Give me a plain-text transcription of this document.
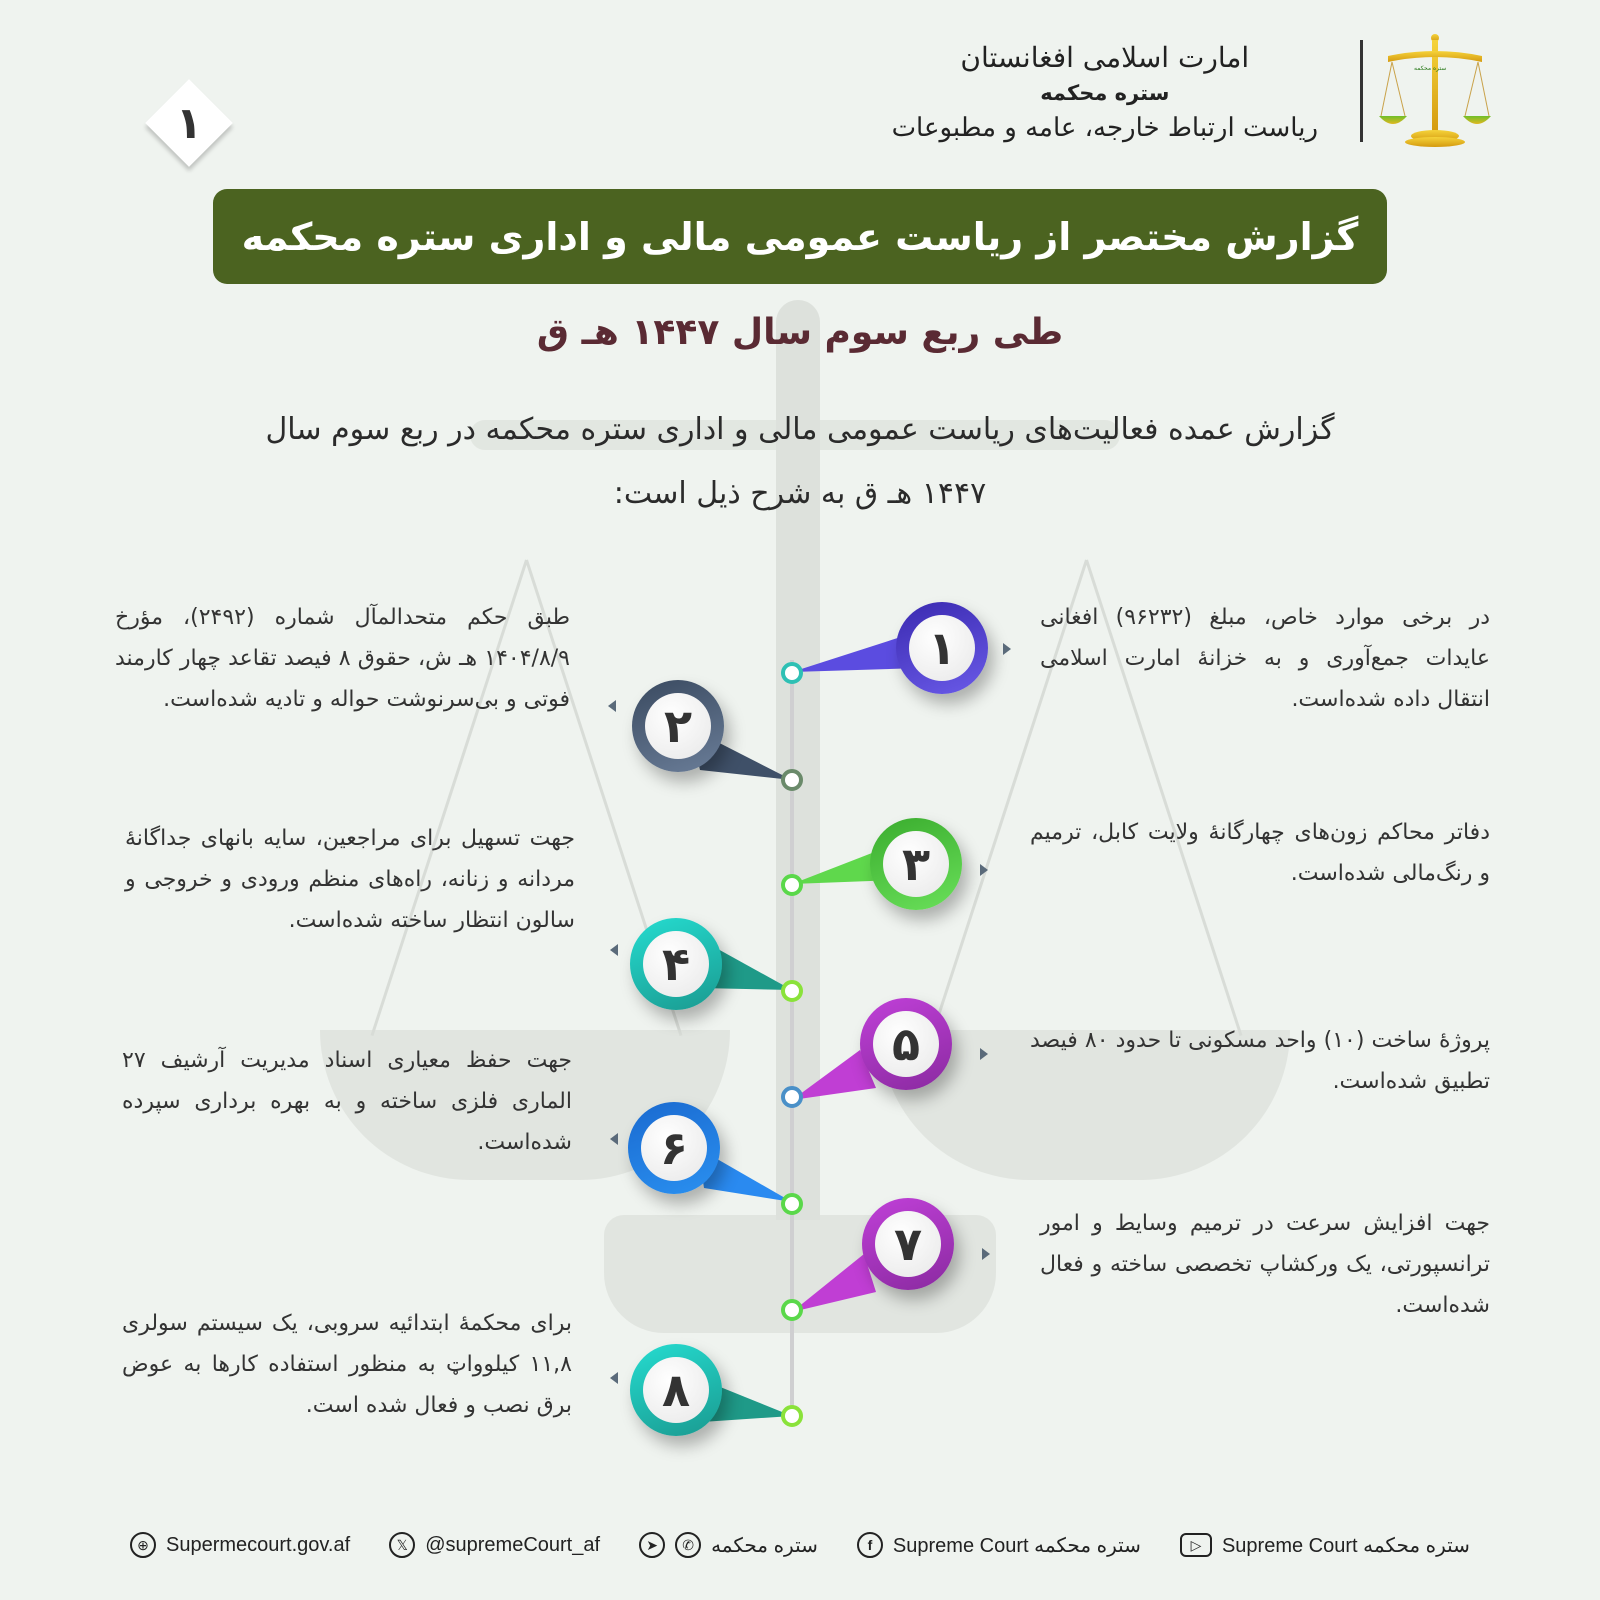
۱
امارت اسلامی افغانستان
ستره محکمه
ریاست ارتباط خارجه، عامه و مطبوعات
ستره محکمه
گزارش مختصر از ریاست عمومی مالی و اداری ستره محکمه
طی ربع سوم سال ۱۴۴۷ هـ ق
گزارش عمده فعالیت‌های ریاست عمومی مالی و اداری ستره محکمه در ربع سوم سال ۱۴۴۷ هـ ق به شرح ذیل است:
۱
در برخی موارد خاص، مبلغ (۹۶۲۳۲) افغانی عایدات جمع‌آوری و به خزانهٔ امارت اسلامی انتقال داده شده‌است.
۲
طبق حکم متحدالمآل شماره (۲۴۹۲)، مؤرخ ۱۴۰۴/۸/۹ هـ ش، حقوق ۸ فیصد تقاعد چهار کارمند فوتی و بی‌سرنوشت حواله و تادیه شده‌است.
۳
دفاتر محاکم زون‌های چهارگانهٔ ولایت کابل، ترمیم و رنگ‌مالی شده‌است.
۴
جهت تسهیل برای مراجعین، سایه بانهای جداگانهٔ مردانه و زنانه، راه‌های منظم ورودی و خروجی و سالون انتظار ساخته شده‌است.
۵	پروژهٔ ساخت (۱۰) واحد مسکونی تا حدود ۸۰ فیصد تطبیق شده‌است.
۶
جهت حفظ معیاری اسناد مدیریت آرشیف ۲۷ الماری فلزی ساخته و به بهره برداری سپرده شده‌است.
۷	جهت افزایش سرعت در ترمیم وسایط و امور ترانسپورتی، یک ورکشاپ تخصصی ساخته و فعال شده‌است.
۸
برای محکمهٔ ابتدائیه سروبی، یک سیستم سولری ۱۱,۸ کیلوواټ به منظور استفاده کارها به عوض برق نصب و فعال شده است.
⊕ Supermecourt.gov.af	𝕏 @supremeCourt_af	➤	✆ ستره محکمه	f	Supreme Court ستره محکمه	▷	Supreme Court ستره محکمه
